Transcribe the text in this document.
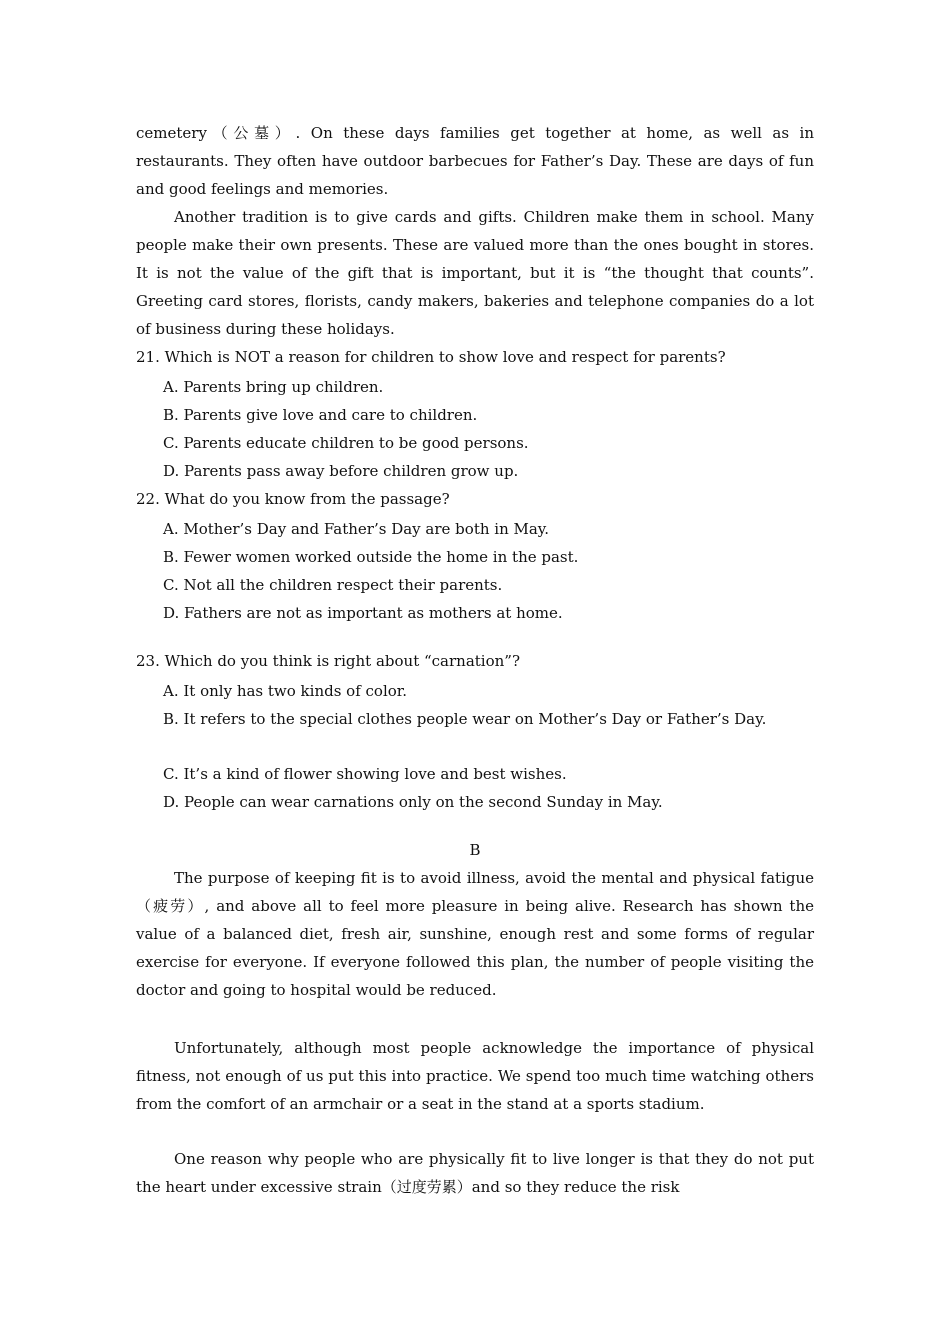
cemetery（公墓）. On these days families get together at home, as well as in restaurants. They often have outdoor barbecues for Father’s Day. These are days of fun and good feelings and memories.

Another tradition is to give cards and gifts. Children make them in school. Many people make their own presents. These are valued more than the ones bought in stores. It is not the value of the gift that is important, but it is “the thought that counts”. Greeting card stores, florists, candy makers, bakeries and telephone companies do a lot of business during these holidays.

21. Which is NOT a reason for children to show love and respect for parents?

A. Parents bring up children.

B. Parents give love and care to children.

C. Parents educate children to be good persons.

D. Parents pass away before children grow up.

22. What do you know from the passage?

A. Mother’s Day and Father’s Day are both in May.

B. Fewer women worked outside the home in the past.

C. Not all the children respect their parents.

D. Fathers are not as important as mothers at home.

23. Which do you think is right about “carnation”?

A. It only has two kinds of color.

B. It refers to the special clothes people wear on Mother’s Day or Father’s Day.

C. It’s a kind of flower showing love and best wishes.

D. People can wear carnations only on the second Sunday in May.

B

The purpose of keeping fit is to avoid illness, avoid the mental and physical fatigue（疲劳）, and above all to feel more pleasure in being alive. Research has shown the value of a balanced diet, fresh air, sunshine, enough rest and some forms of regular exercise for everyone. If everyone followed this plan, the number of people visiting the doctor and going to hospital would be reduced.

Unfortunately, although most people acknowledge the importance of physical fitness, not enough of us put this into practice. We spend too much time watching others from the comfort of an armchair or a seat in the stand at a sports stadium.

One reason why people who are physically fit to live longer is that they do not put the heart under excessive strain（过度劳累）and so they reduce the risk
